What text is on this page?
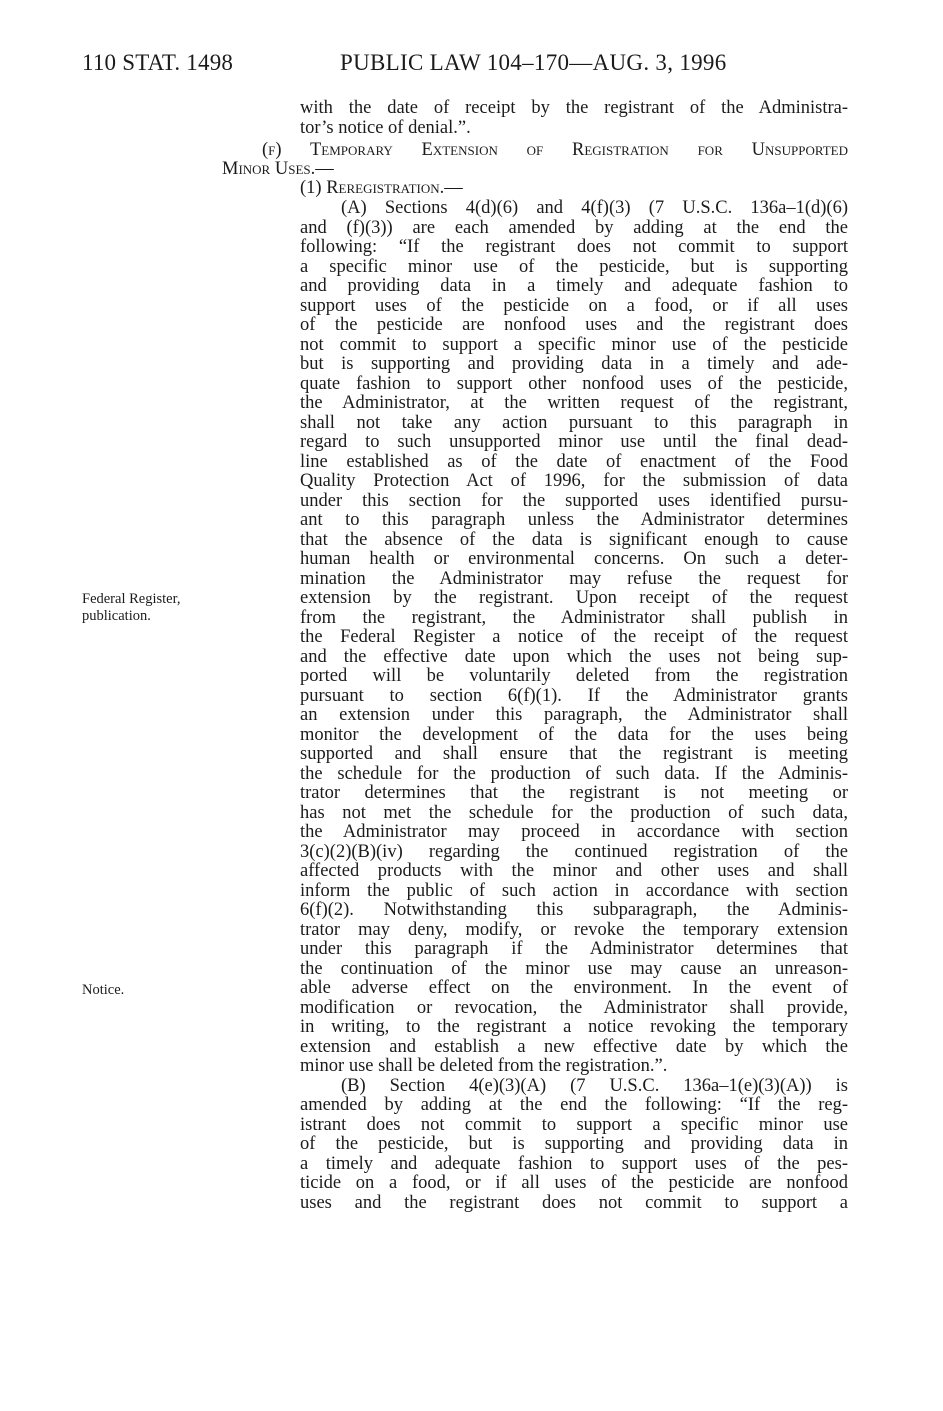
110 STAT. 1498	PUBLIC LAW 104–170—AUG. 3, 1996
Federal Register,
publication.
Notice.
with the date of receipt by the registrant of the Administra-
tor’s notice of denial.”.
(f) Temporary Extension of Registration for Unsupported
Minor Uses.—
(1) Reregistration.—
(A) Sections 4(d)(6) and 4(f)(3) (7 U.S.C. 136a–1(d)(6)
and (f)(3)) are each amended by adding at the end the
following: “If the registrant does not commit to support
a specific minor use of the pesticide, but is supporting
and providing data in a timely and adequate fashion to
support uses of the pesticide on a food, or if all uses
of the pesticide are nonfood uses and the registrant does
not commit to support a specific minor use of the pesticide
but is supporting and providing data in a timely and ade-
quate fashion to support other nonfood uses of the pesticide,
the Administrator, at the written request of the registrant,
shall not take any action pursuant to this paragraph in
regard to such unsupported minor use until the final dead-
line established as of the date of enactment of the Food
Quality Protection Act of 1996, for the submission of data
under this section for the supported uses identified pursu-
ant to this paragraph unless the Administrator determines
that the absence of the data is significant enough to cause
human health or environmental concerns. On such a deter-
mination the Administrator may refuse the request for
extension by the registrant. Upon receipt of the request
from the registrant, the Administrator shall publish in
the Federal Register a notice of the receipt of the request
and the effective date upon which the uses not being sup-
ported will be voluntarily deleted from the registration
pursuant to section 6(f)(1). If the Administrator grants
an extension under this paragraph, the Administrator shall
monitor the development of the data for the uses being
supported and shall ensure that the registrant is meeting
the schedule for the production of such data. If the Adminis-
trator determines that the registrant is not meeting or
has not met the schedule for the production of such data,
the Administrator may proceed in accordance with section
3(c)(2)(B)(iv) regarding the continued registration of the
affected products with the minor and other uses and shall
inform the public of such action in accordance with section
6(f)(2). Notwithstanding this subparagraph, the Adminis-
trator may deny, modify, or revoke the temporary extension
under this paragraph if the Administrator determines that
the continuation of the minor use may cause an unreason-
able adverse effect on the environment. In the event of
modification or revocation, the Administrator shall provide,
in writing, to the registrant a notice revoking the temporary
extension and establish a new effective date by which the
minor use shall be deleted from the registration.”.
(B) Section 4(e)(3)(A) (7 U.S.C. 136a–1(e)(3)(A)) is
amended by adding at the end the following: “If the reg-
istrant does not commit to support a specific minor use
of the pesticide, but is supporting and providing data in
a timely and adequate fashion to support uses of the pes-
ticide on a food, or if all uses of the pesticide are nonfood
uses and the registrant does not commit to support a
